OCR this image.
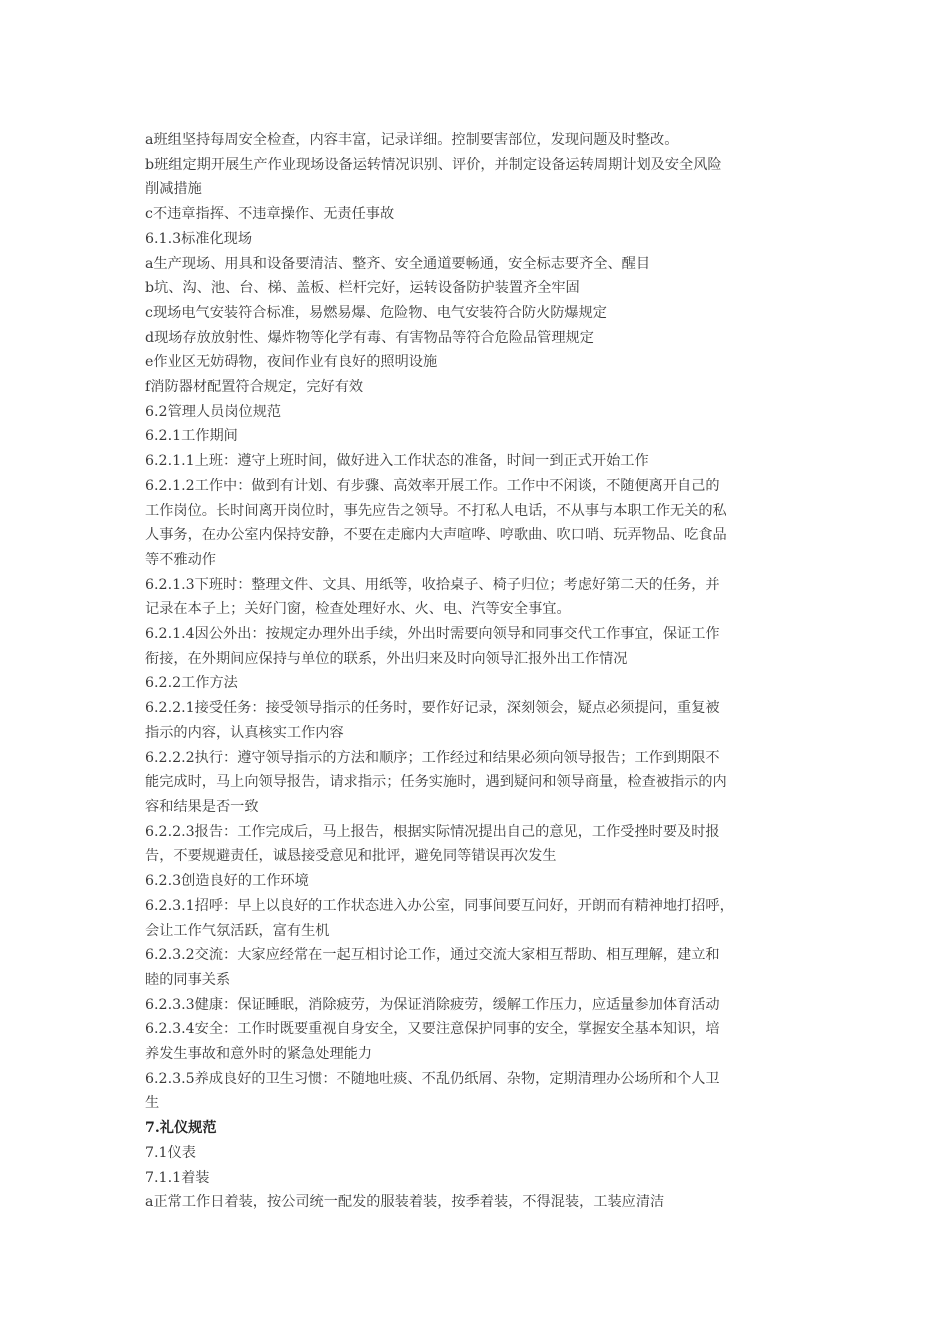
a班组坚持每周安全检查，内容丰富，记录详细。控制要害部位，发现问题及时整改。
b班组定期开展生产作业现场设备运转情况识别、评价，并制定设备运转周期计划及安全风险
削减措施
c不违章指挥、不违章操作、无责任事故
6.1.3标准化现场
a生产现场、用具和设备要清洁、整齐、安全通道要畅通，安全标志要齐全、醒目
b坑、沟、池、台、梯、盖板、栏杆完好，运转设备防护装置齐全牢固
c现场电气安装符合标准，易燃易爆、危险物、电气安装符合防火防爆规定
d现场存放放射性、爆炸物等化学有毒、有害物品等符合危险品管理规定
e作业区无妨碍物，夜间作业有良好的照明设施
f消防器材配置符合规定，完好有效
6.2管理人员岗位规范
6.2.1工作期间
6.2.1.1上班：遵守上班时间，做好进入工作状态的准备，时间一到正式开始工作
6.2.1.2工作中：做到有计划、有步骤、高效率开展工作。工作中不闲谈，不随便离开自己的
工作岗位。长时间离开岗位时，事先应告之领导。不打私人电话，不从事与本职工作无关的私
人事务，在办公室内保持安静，不要在走廊内大声喧哗、哼歌曲、吹口哨、玩弄物品、吃食品
等不雅动作
6.2.1.3下班时：整理文件、文具、用纸等，收拾桌子、椅子归位；考虑好第二天的任务，并
记录在本子上；关好门窗，检查处理好水、火、电、汽等安全事宜。
6.2.1.4因公外出：按规定办理外出手续，外出时需要向领导和同事交代工作事宜，保证工作
衔接，在外期间应保持与单位的联系，外出归来及时向领导汇报外出工作情况
6.2.2工作方法
6.2.2.1接受任务：接受领导指示的任务时，要作好记录，深刻领会，疑点必须提问，重复被
指示的内容，认真核实工作内容
6.2.2.2执行：遵守领导指示的方法和顺序；工作经过和结果必须向领导报告；工作到期限不
能完成时，马上向领导报告，请求指示；任务实施时，遇到疑问和领导商量，检查被指示的内
容和结果是否一致
6.2.2.3报告：工作完成后，马上报告，根据实际情况提出自己的意见，工作受挫时要及时报
告，不要规避责任，诚恳接受意见和批评，避免同等错误再次发生
6.2.3创造良好的工作环境
6.2.3.1招呼：早上以良好的工作状态进入办公室，同事间要互问好，开朗而有精神地打招呼，
会让工作气氛活跃，富有生机
6.2.3.2交流：大家应经常在一起互相讨论工作，通过交流大家相互帮助、相互理解，建立和
睦的同事关系
6.2.3.3健康：保证睡眠，消除疲劳，为保证消除疲劳，缓解工作压力，应适量参加体育活动
6.2.3.4安全：工作时既要重视自身安全，又要注意保护同事的安全，掌握安全基本知识，培
养发生事故和意外时的紧急处理能力
6.2.3.5养成良好的卫生习惯：不随地吐痰、不乱仍纸屑、杂物，定期清理办公场所和个人卫
生
7.礼仪规范
7.1仪表
7.1.1着装
a正常工作日着装，按公司统一配发的服装着装，按季着装，不得混装，工装应清洁
